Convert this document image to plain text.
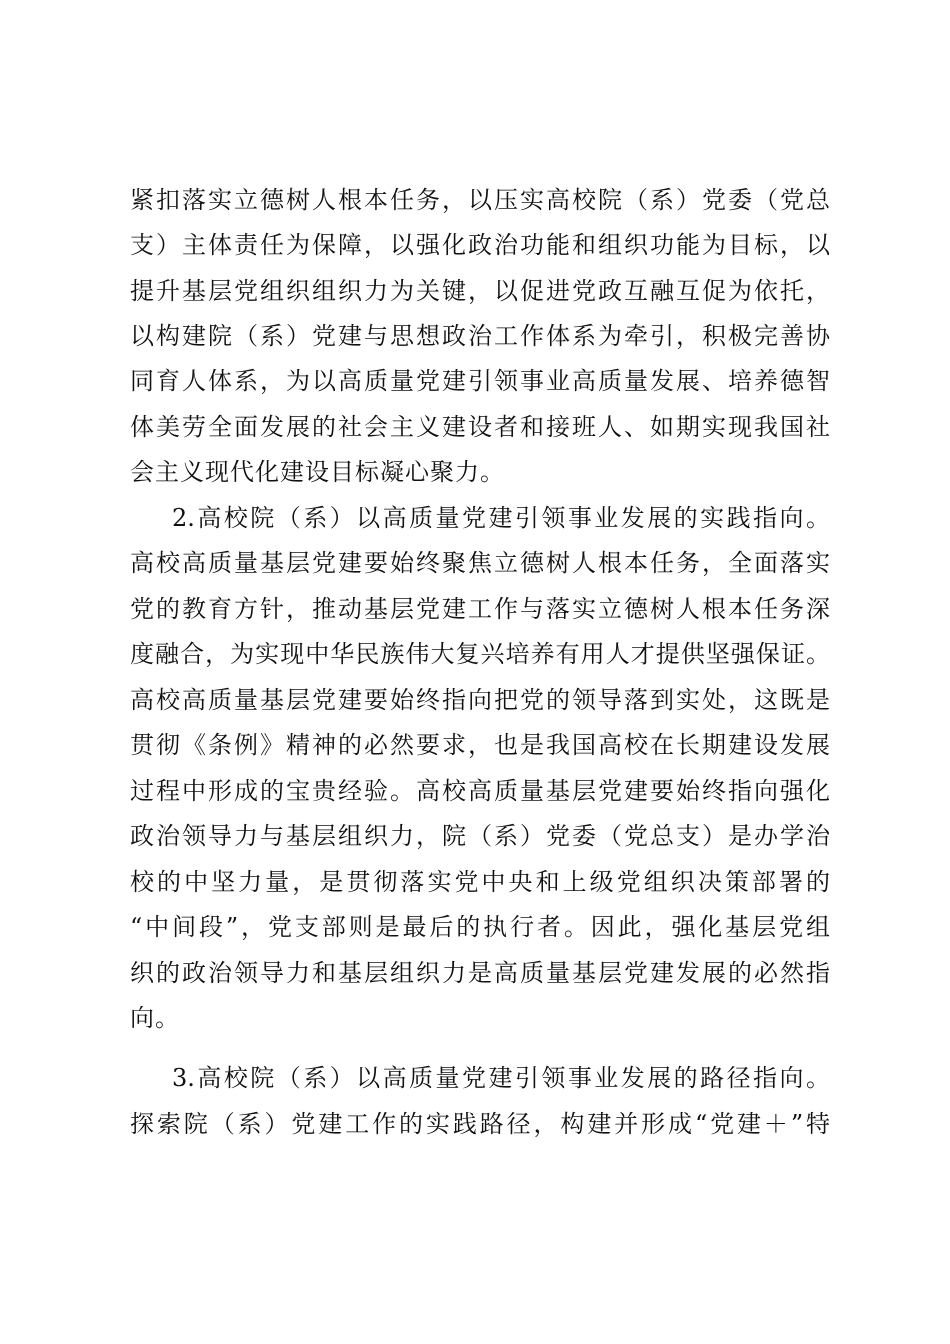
紧扣落实立德树人根本任务，以压实高校院（系）党委（党总
支）主体责任为保障，以强化政治功能和组织功能为目标，以
提升基层党组织组织力为关键，以促进党政互融互促为依托，
以构建院（系）党建与思想政治工作体系为牵引，积极完善协
同育人体系，为以高质量党建引领事业高质量发展、培养德智
体美劳全面发展的社会主义建设者和接班人、如期实现我国社
会主义现代化建设目标凝心聚力。
2.高校院（系）以高质量党建引领事业发展的实践指向。
高校高质量基层党建要始终聚焦立德树人根本任务，全面落实
党的教育方针，推动基层党建工作与落实立德树人根本任务深
度融合，为实现中华民族伟大复兴培养有用人才提供坚强保证。
高校高质量基层党建要始终指向把党的领导落到实处，这既是
贯彻《条例》精神的必然要求，也是我国高校在长期建设发展
过程中形成的宝贵经验。高校高质量基层党建要始终指向强化
政治领导力与基层组织力，院（系）党委（党总支）是办学治
校的中坚力量，是贯彻落实党中央和上级党组织决策部署的
“中间段”，党支部则是最后的执行者。因此，强化基层党组
织的政治领导力和基层组织力是高质量基层党建发展的必然指
向。
3.高校院（系）以高质量党建引领事业发展的路径指向。
探索院（系）党建工作的实践路径，构建并形成“党建＋”特
